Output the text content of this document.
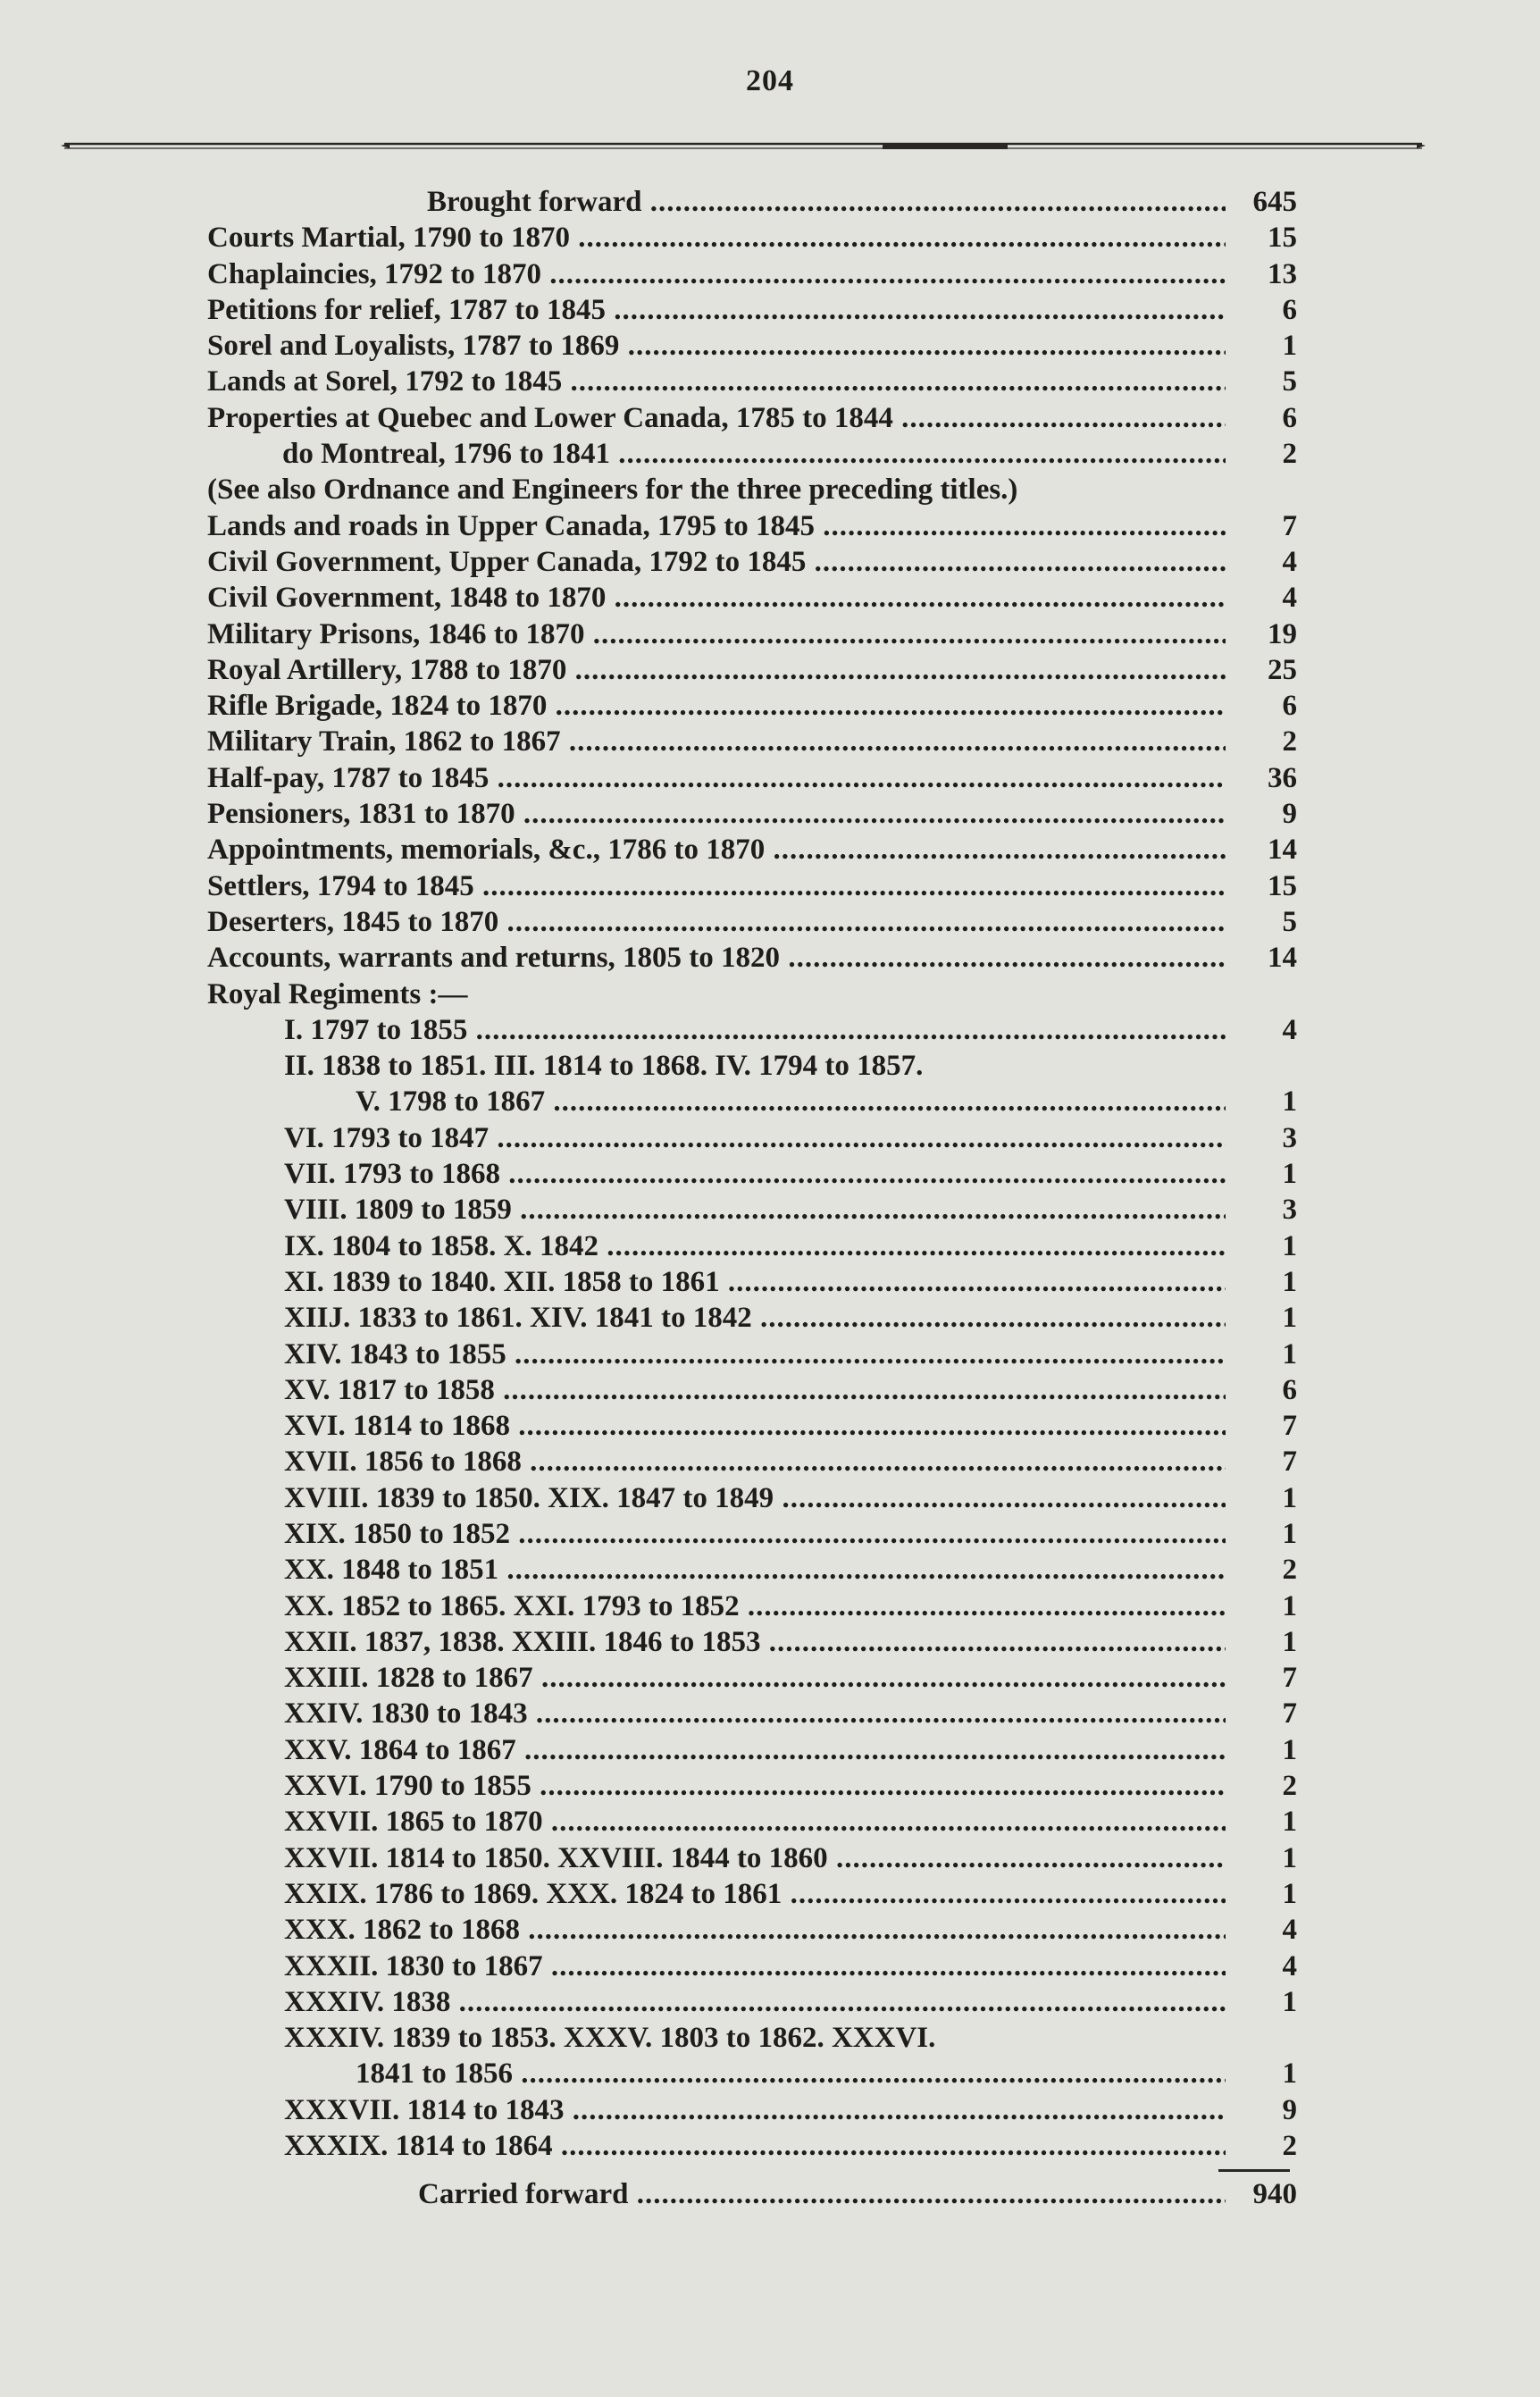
204
Brought forward .....	645
Courts Martial, 1790 to 1870 .....	15
Chaplaincies, 1792 to 1870 .....	13
Petitions for relief, 1787 to 1845 .....	6
Sorel and Loyalists, 1787 to 1869 .....	1
Lands at Sorel, 1792 to 1845 .....	5
Properties at Quebec and Lower Canada, 1785 to 1844 .....	6
do Montreal, 1796 to 1841 .....	2
(See also Ordnance and Engineers for the three preceding titles.)
Lands and roads in Upper Canada, 1795 to 1845 .....	7
Civil Government, Upper Canada, 1792 to 1845 .....	4
Civil Government, 1848 to 1870 .....	4
Military Prisons, 1846 to 1870 .....	19
Royal Artillery, 1788 to 1870 .....	25
Rifle Brigade, 1824 to 1870 .....	6
Military Train, 1862 to 1867 .....	2
Half-pay, 1787 to 1845 .....	36
Pensioners, 1831 to 1870 .....	9
Appointments, memorials, &c., 1786 to 1870 .....	14
Settlers, 1794 to 1845 .....	15
Deserters, 1845 to 1870 .....	5
Accounts, warrants and returns, 1805 to 1820 .....	14
Royal Regiments :—
I. 1797 to 1855 .....	4
II. 1838 to 1851. III. 1814 to 1868. IV. 1794 to 1857.
V. 1798 to 1867 .....	1
VI. 1793 to 1847 .....	3
VII. 1793 to 1868 .....	1
VIII. 1809 to 1859 .....	3
IX. 1804 to 1858. X. 1842 .....	1
XI. 1839 to 1840. XII. 1858 to 1861 .....	1
XIIJ. 1833 to 1861. XIV. 1841 to 1842 .....	1
XIV. 1843 to 1855 .....	1
XV. 1817 to 1858 .....	6
XVI. 1814 to 1868 .....	7
XVII. 1856 to 1868 .....	7
XVIII. 1839 to 1850. XIX. 1847 to 1849 .....	1
XIX. 1850 to 1852 .....	1
XX. 1848 to 1851 .....	2
XX. 1852 to 1865. XXI. 1793 to 1852 .....	1
XXII. 1837, 1838. XXIII. 1846 to 1853 .....	1
XXIII. 1828 to 1867 .....	7
XXIV. 1830 to 1843 .....	7
XXV. 1864 to 1867 .....	1
XXVI. 1790 to 1855 .....	2
XXVII. 1865 to 1870 .....	1
XXVII. 1814 to 1850. XXVIII. 1844 to 1860 .....	1
XXIX. 1786 to 1869. XXX. 1824 to 1861 .....	1
XXX. 1862 to 1868 .....	4
XXXII. 1830 to 1867 .....	4
XXXIV. 1838 .....	1
XXXIV. 1839 to 1853. XXXV. 1803 to 1862. XXXVI.
1841 to 1856 .....	1
XXXVII. 1814 to 1843 .....	9
XXXIX. 1814 to 1864 .....	2
Carried forward .....	940
